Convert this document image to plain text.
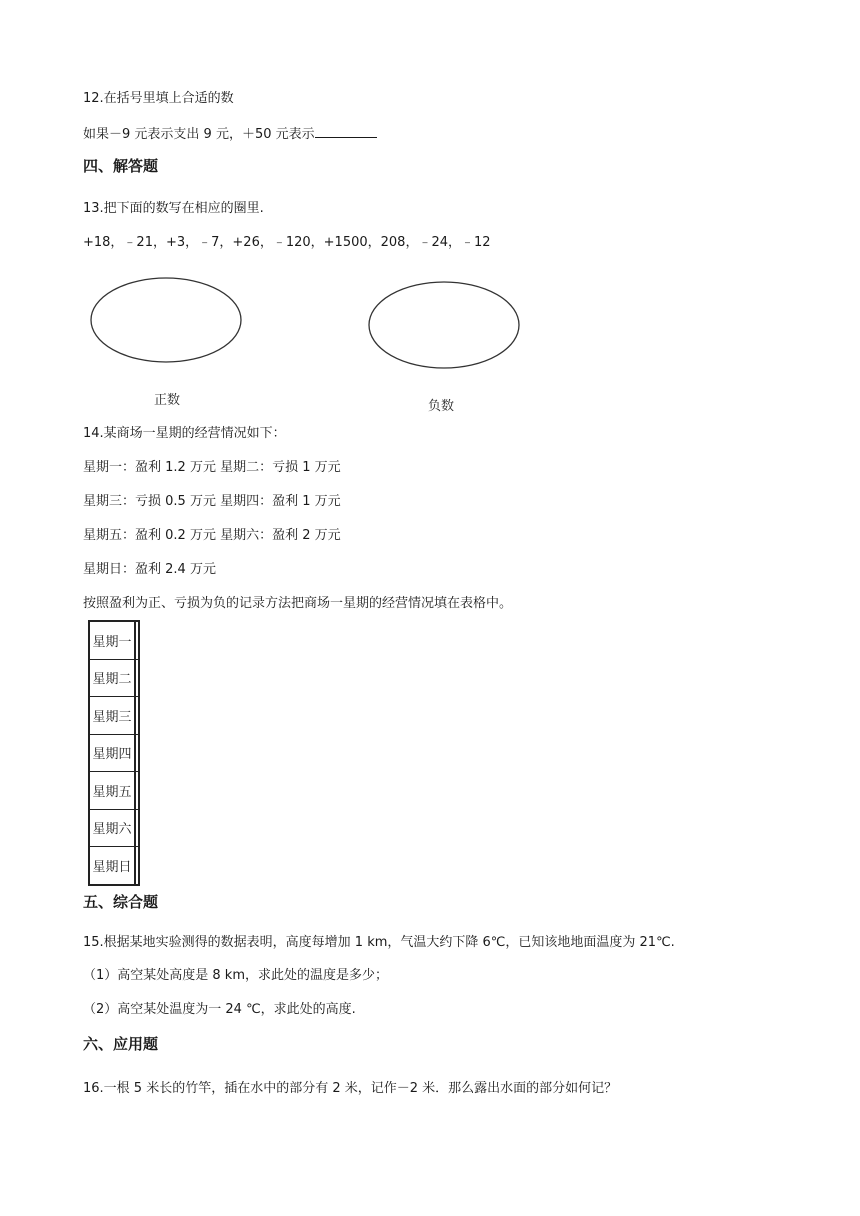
12.在括号里填上合适的数
如果－9 元表示支出 9 元，＋50 元表示
四、解答题
13.把下面的数写在相应的圈里.
+18，﹣21，+3，﹣7，+26，﹣120，+1500，208，﹣24，﹣12
正数	负数
14.某商场一星期的经营情况如下：
星期一：盈利 1.2 万元 星期二：亏损 1 万元
星期三：亏损 0.5 万元 星期四：盈利 1 万元
星期五：盈利 0.2 万元 星期六：盈利 2 万元
星期日：盈利 2.4 万元
按照盈利为正、亏损为负的记录方法把商场一星期的经营情况填在表格中。
星期一	
星期二	
星期三	
星期四	
星期五	
星期六	
星期日	
五、综合题
15.根据某地实验测得的数据表明，高度每增加 1 km，气温大约下降 6℃，已知该地地面温度为 21℃.
（1）高空某处高度是 8 km，求此处的温度是多少；
（2）高空某处温度为一 24 ℃，求此处的高度.
六、应用题
16.一根 5 米长的竹竿，插在水中的部分有 2 米，记作－2 米．那么露出水面的部分如何记？
